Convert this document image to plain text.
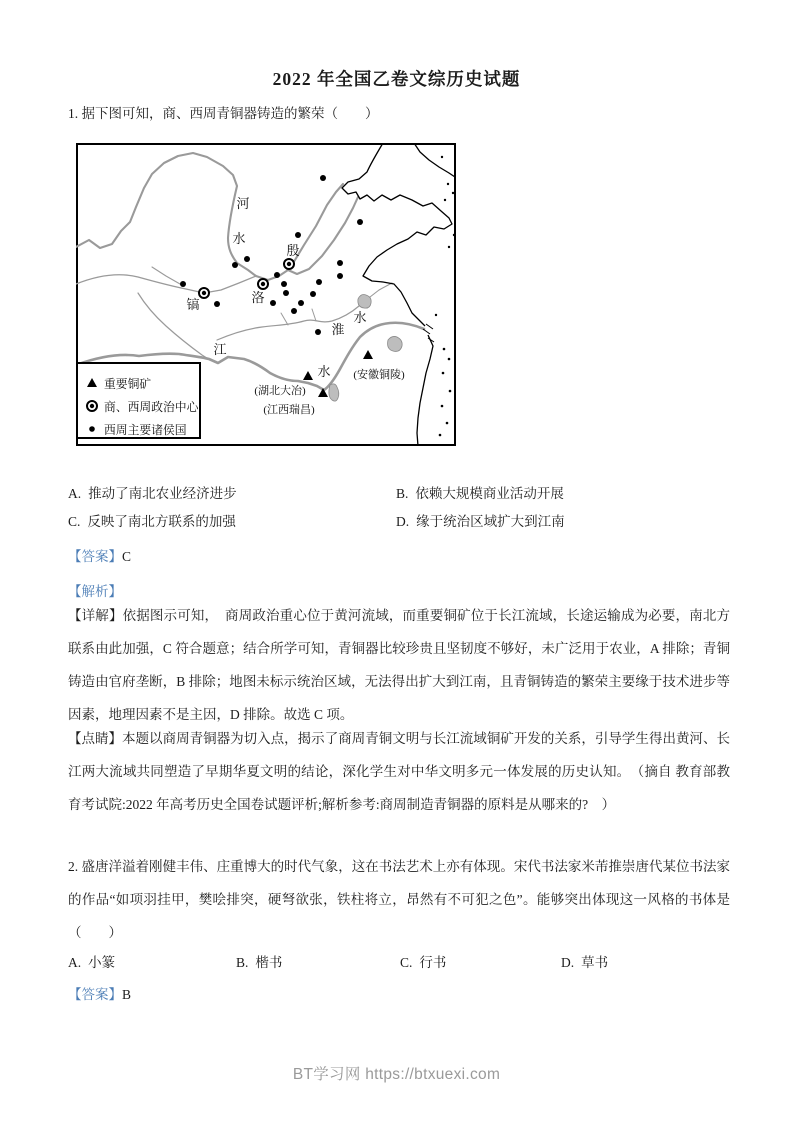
2022 年全国乙卷文综历史试题
1. 据下图可知，商、西周青铜器铸造的繁荣（　　）
河
水
殷
洛
镐
淮
水
江
水 (安徽铜陵)
(湖北大冶)
(江西瑞昌)
重要铜矿
商、西周政治中心
西周主要诸侯国
A. 推动了南北农业经济进步	B. 依赖大规模商业活动开展
C. 反映了南北方联系的加强	D. 缘于统治区域扩大到江南
【答案】C
【解析】
【详解】依据图示可知，　商周政治重心位于黄河流域，而重要铜矿位于长江流域，长途运输成为必要，南北方联系由此加强，C 符合题意；结合所学可知，青铜器比较珍贵且坚韧度不够好，未广泛用于农业，A 排除；青铜铸造由官府垄断，B 排除；地图未标示统治区域，无法得出扩大到江南，且青铜铸造的繁荣主要缘于技术进步等因素，地理因素不是主因，D 排除。故选 C 项。
【点睛】本题以商周青铜器为切入点，揭示了商周青铜文明与长江流域铜矿开发的关系，引导学生得出黄河、长江两大流域共同塑造了早期华夏文明的结论，深化学生对中华文明多元一体发展的历史认知。　（摘自 教育部教育考试院:2022 年高考历史全国卷试题评析;解析参考:商周制造青铜器的原料是从哪来的?　）
2. 盛唐洋溢着刚健丰伟、庄重博大的时代气象，这在书法艺术上亦有体现。宋代书法家米芾推崇唐代某位书法家的作品“如项羽挂甲，樊哙排突，硬弩欲张，铁柱将立，昂然有不可犯之色”。能够突出体现这一风格的书体是（　　）
A. 小篆	B. 楷书	C. 行书	D. 草书
【答案】B
BT学习网 https://btxuexi.com
